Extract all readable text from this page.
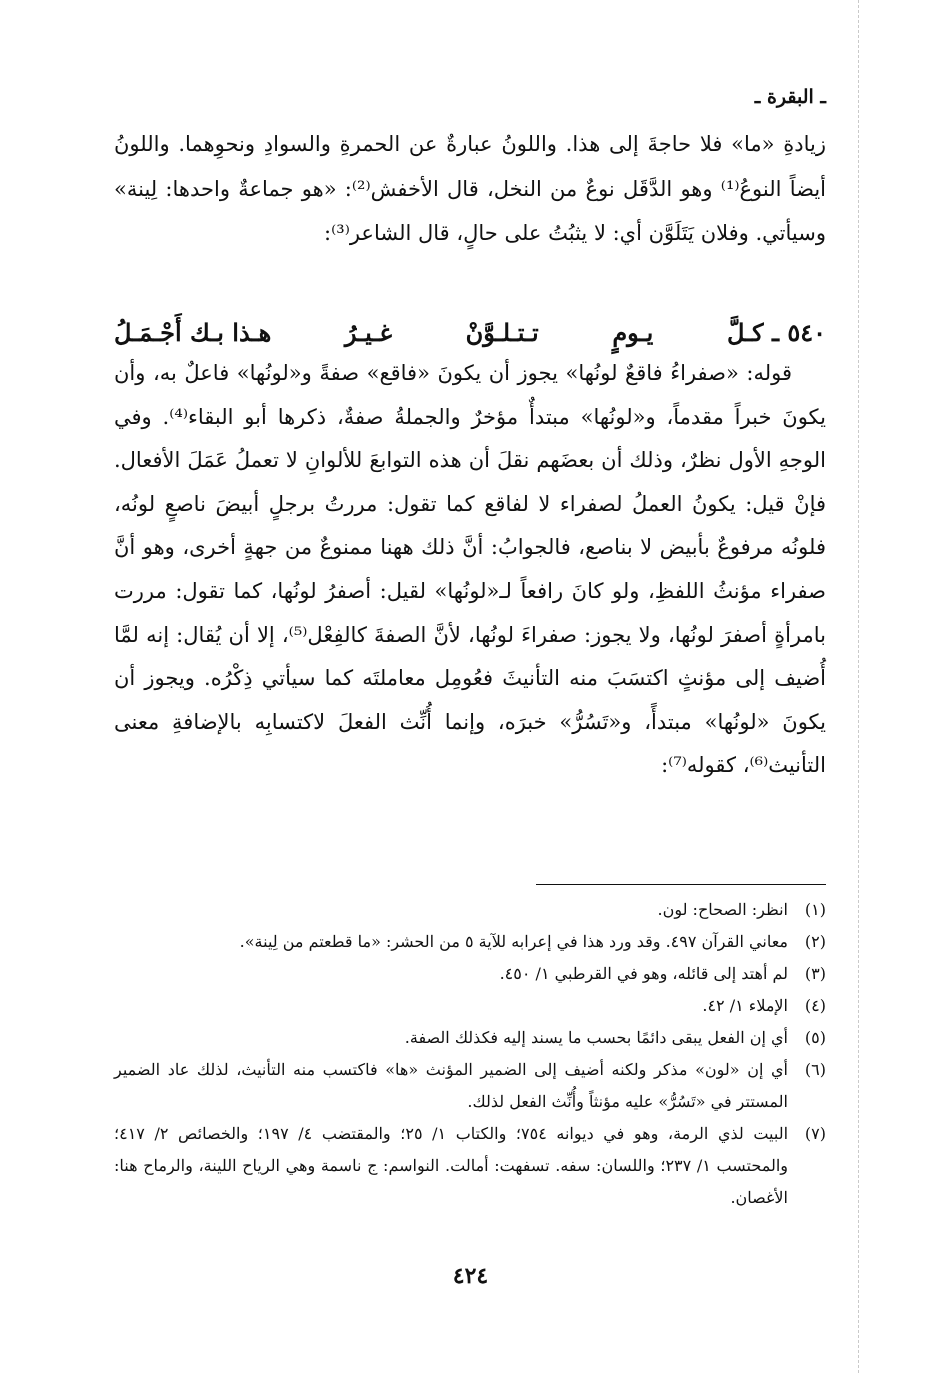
ـ البقرة ـ

زيادةِ «ما» فلا حاجةَ إلى هذا. واللونُ عبارةٌ عن الحمرةِ والسوادِ ونحوِهما. واللونُ أيضاً النوعُ⁽¹⁾ وهو الدَّقَل نوعٌ من النخل، قال الأخفش⁽²⁾: «هو جماعةٌ واحدها: لِينة» وسيأتي. وفلان يَتَلَوَّن أي: لا يثبُتُ على حالٍ، قال الشاعر⁽³⁾:

٥٤٠ ـ كـلَّ
يـومٍ
تـتـلـوَّنْ
غـيـرُ
هـذا بـك أَجْـمَـلُ

قوله: «صفراءُ فاقعٌ لونُها» يجوز أن يكونَ «فاقع» صفةً و«لونُها» فاعلٌ به، وأن يكونَ خبراً مقدماً، و«لونُها» مبتدأٌ مؤخرٌ والجملةُ صفةٌ، ذكرها أبو البقاء⁽⁴⁾. وفي الوجهِ الأول نظرٌ، وذلك أن بعضَهم نقلَ أن هذه التوابعَ للألوانِ لا تعملُ عَمَلَ الأفعال. فإنْ قيل: يكونُ العملُ لصفراء لا لفاقع كما تقول: مررتُ برجلٍ أبيضَ ناصعٍ لونُه، فلونُه مرفوعٌ بأبيض لا بناصع، فالجوابُ: أنَّ ذلك ههنا ممنوعٌ من جهةٍ أخرى، وهو أنَّ صفراء مؤنثُ اللفظِ، ولو كانَ رافعاً لـ«لونُها» لقيل: أصفرُ لونُها، كما تقول: مررت بامرأةٍ أصفرَ لونُها، ولا يجوز: صفراءَ لونُها، لأنَّ الصفةَ كالفِعْل⁽⁵⁾، إلا أن يُقال: إنه لمَّا أُضيف إلى مؤنثٍ اكتسَبَ منه التأنيثَ فعُومِل معاملتَه كما سيأتي ذِكْرُه. ويجوز أن يكونَ «لونُها» مبتدأً، و«تَسُرُّ» خبرَه، وإنما أُنِّث الفعلَ لاكتسابِه بالإضافةِ معنى التأنيث⁽⁶⁾، كقوله⁽⁷⁾:

(١)
انظر: الصحاح: لون.
(٢)
معاني القرآن ٤٩٧. وقد ورد هذا في إعرابه للآية ٥ من الحشر: «ما قطعتم من لِينة».
(٣)
لم أهتد إلى قائله، وهو في القرطبي ١/ ٤٥٠.
(٤)
الإملاء ١/ ٤٢.
(٥)
أي إن الفعل يبقى دائمًا بحسب ما يسند إليه فكذلك الصفة.
(٦)
أي إن «لون» مذكر ولكنه أضيف إلى الضمير المؤنث «ها» فاكتسب منه التأنيث، لذلك عاد الضمير المستتر في «تَسُرُّ» عليه مؤنثاً وأُنِّث الفعل لذلك.
(٧)
البيت لذي الرمة، وهو في ديوانه ٧٥٤؛ والكتاب ١/ ٢٥؛ والمقتضب ٤/ ١٩٧؛ والخصائص ٢/ ٤١٧؛ والمحتسب ١/ ٢٣٧؛ واللسان: سفه. تسفهت: أمالت. النواسم: ج ناسمة وهي الرياح اللينة، والرماح هنا: الأغصان.
٤٢٤
